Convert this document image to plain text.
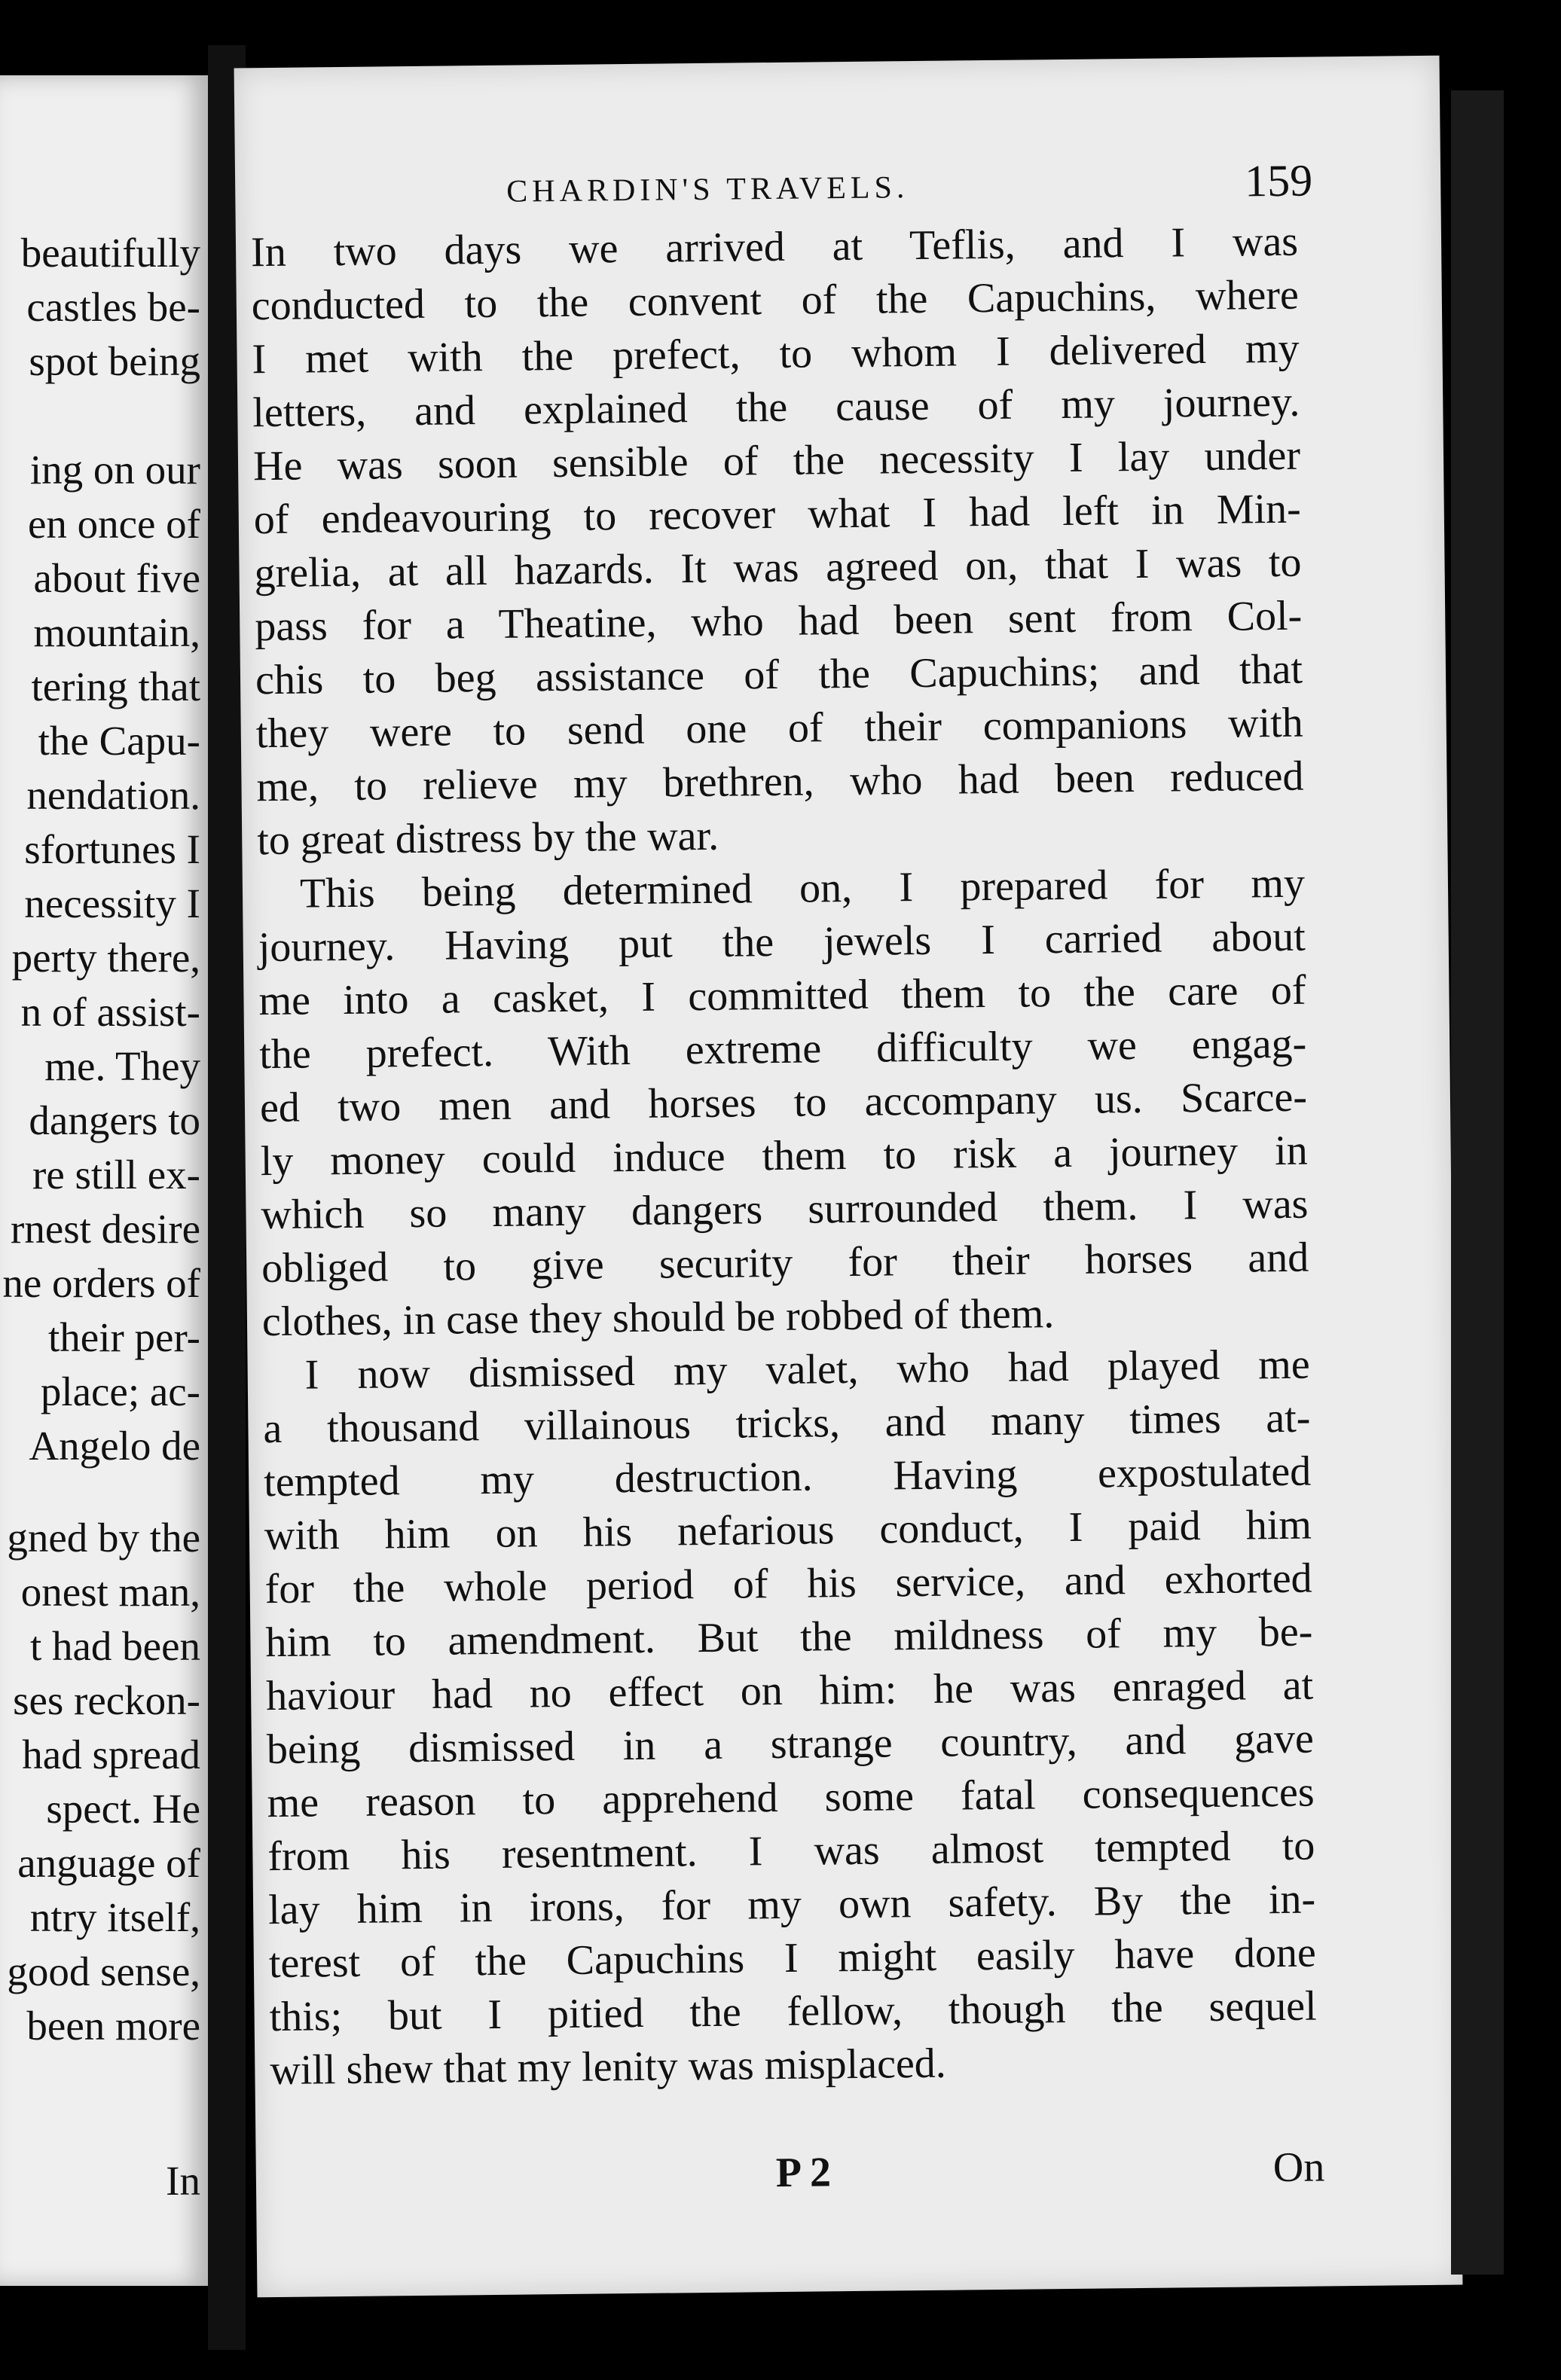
beautifully
castles be-
spot being
ing on our
en once of
about five
mountain,
tering that
the Capu-
nendation.
sfortunes I
necessity I
perty there,
n of assist-
me. They
dangers to
re still ex-
rnest desire
ne orders of
their per-
place; ac-
Angelo de
gned by the
onest man,
t had been
ses reckon-
had spread
spect. He
anguage of
ntry itself,
good sense,
been more
In
CHARDIN'S TRAVELS.	159
In two days we arrived at Teflis, and I was
conducted to the convent of the Capuchins, where
I met with the prefect, to whom I delivered my
letters, and explained the cause of my journey.
He was soon sensible of the necessity I lay under
of endeavouring to recover what I had left in Min-
grelia, at all hazards. It was agreed on, that I was to
pass for a Theatine, who had been sent from Col-
chis to beg assistance of the Capuchins; and that
they were to send one of their companions with
me, to relieve my brethren, who had been reduced
to great distress by the war.
This being determined on, I prepared for my
journey. Having put the jewels I carried about
me into a casket, I committed them to the care of
the prefect. With extreme difficulty we engag-
ed two men and horses to accompany us. Scarce-
ly money could induce them to risk a journey in
which so many dangers surrounded them. I was
obliged to give security for their horses and
clothes, in case they should be robbed of them.
I now dismissed my valet, who had played me
a thousand villainous tricks, and many times at-
tempted my destruction. Having expostulated
with him on his nefarious conduct, I paid him
for the whole period of his service, and exhorted
him to amendment. But the mildness of my be-
haviour had no effect on him: he was enraged at
being dismissed in a strange country, and gave
me reason to apprehend some fatal consequences
from his resentment. I was almost tempted to
lay him in irons, for my own safety. By the in-
terest of the Capuchins I might easily have done
this; but I pitied the fellow, though the sequel
will shew that my lenity was misplaced.
P 2	On
